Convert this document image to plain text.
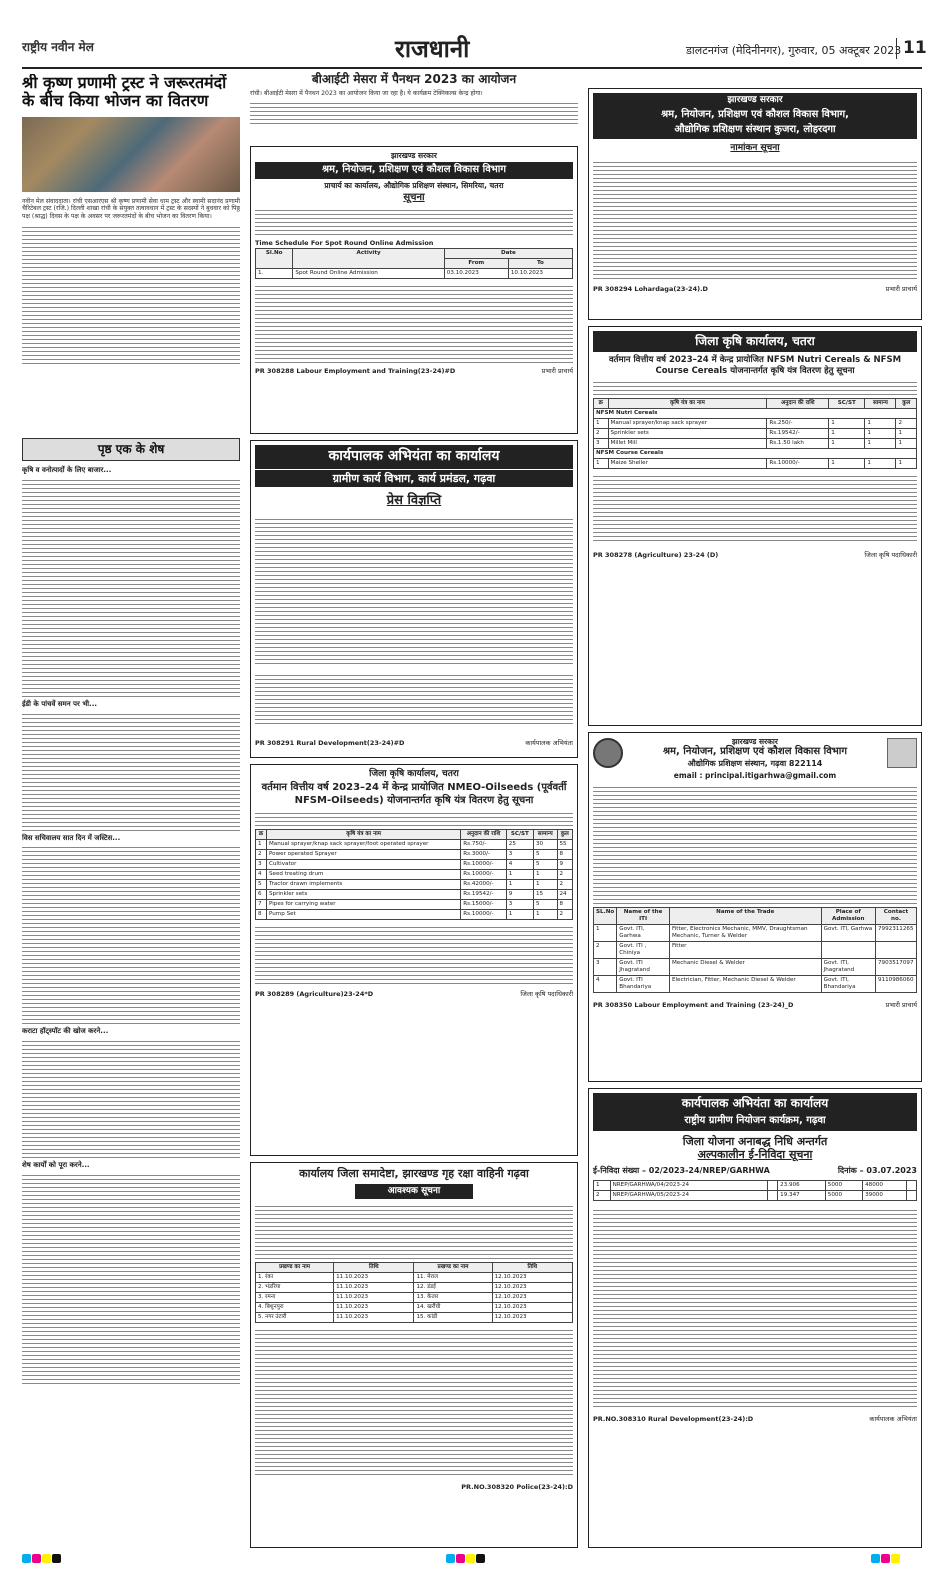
राष्ट्रीय नवीन मेल	राजधानी	डालटनगंज (मेदिनीनगर), गुरुवार, 05 अक्टूबर 2023 11
श्री कृष्ण प्रणामी ट्रस्ट ने जरूरतमंदों के बीच किया भोजन का वितरण
नवीन मेल संवाददाता। रांची एसआरएस श्री कृष्ण प्रणामी सेवा धाम ट्रस्ट और स्वामी सदानंद प्रणामी चैरिटेबल ट्रस्ट (रजि.) दिल्ली शाखा रांची के संयुक्त तत्वावधान में ट्रस्ट के सदस्यों ने बुधवार को पिठ्ठ पक्ष (श्राद्ध) दिवस के पक्ष के अवसर पर जरूरतमंदों के बीच भोजन का वितरण किया।
पृष्ठ एक के शेष
कृषि व वनोत्पादों के लिए बाजार...
ईडी के पांचवें समन पर भी...
विस सचिवालय सात दिन में जस्टिस...
कराटा हॉट्स्पॉट की खोज करने...
शेष कार्यों को पूरा करने...
बीआईटी मेसरा में पैनथन 2023 का आयोजन
रांची। बीआईटी मेसरा में पैनथन 2023 का आयोजन किया जा रहा है। ये कार्यक्रम टेक्निकल्स केन्द्र होगा।
झारखण्ड सरकार
श्रम, नियोजन, प्रशिक्षण एवं कौशल विकास विभाग
प्राचार्य का कार्यालय, औद्योगिक प्रशिक्षण संस्थान, सिमरिया, चतरा
सूचना
Time Schedule For Spot Round Online Admission
Sl.No	Activity	Date	
		From	To
1.	Spot Round Online Admission	03.10.2023	10.10.2023
PR 308288 Labour Employment and Training(23-24)#D	प्रभारी प्राचार्य
कार्यपालक अभियंता का कार्यालय
ग्रामीण कार्य विभाग, कार्य प्रमंडल, गढ़वा
प्रेस विज्ञप्ति
PR 308291 Rural Development(23-24)#D	कार्यपालक अभियंता
जिला कृषि कार्यालय, चतरा
वर्तमान वित्तीय वर्ष 2023–24 में केन्द्र प्रायोजित NMEO-Oilseeds (पूर्ववर्ती NFSM-Oilseeds) योजनान्तर्गत कृषि यंत्र वितरण हेतु सूचना
क्र	कृषि यंत्र का नाम	अनुदान की राशि	SC/ST	सामान्य	कुल
1	Manual sprayer/knap sack sprayer/foot operated sprayer	Rs.750/-	25	30	55
2	Power operated Sprayer	Rs.3000/-	3	5	8
3	Cultivator	Rs.10000/-	4	5	9
4	Seed treating drum	Rs.10000/-	1	1	2
5	Tractor drawn implements	Rs.42000/-	1	1	2
6	Sprinkler sets	Rs.19542/-	9	15	24
7	Pipes for carrying water	Rs.15000/-	3	5	8
8	Pump Set	Rs.10000/-	1	1	2
PR 308289 (Agriculture)23-24*D	जिला कृषि पदाधिकारी
कार्यालय जिला समादेष्टा, झारखण्ड गृह रक्षा वाहिनी गढ़वा
आवश्यक सूचना
प्रखण्ड का नाम	तिथि	प्रखण्ड का नाम	तिथि
1. रंका	11.10.2023	11. मेराल	12.10.2023
2. भंडरिया	11.10.2023	12. डंडई	12.10.2023
3. रमना	11.10.2023	13. केतार	12.10.2023
4. बिशुनपुरा	11.10.2023	14. खरौंधी	12.10.2023
5. नगर उंटारी	11.10.2023	15. कांडी	12.10.2023
PR.NO.308320 Police(23-24):D
झारखण्ड सरकार
श्रम, नियोजन, प्रशिक्षण एवं कौशल विकास विभाग,
औद्योगिक प्रशिक्षण संस्थान कुजरा, लोहरदगा
नामांकन सूचना
PR 308294 Lohardaga(23-24).D	प्रभारी प्राचार्य
जिला कृषि कार्यालय, चतरा
वर्तमान वित्तीय वर्ष 2023–24 में केन्द्र प्रायोजित NFSM Nutri Cereals & NFSM Course Cereals योजनान्तर्गत कृषि यंत्र वितरण हेतु सूचना
क्र	कृषि यंत्र का नाम	अनुदान की राशि	SC/ST	सामान्य	कुल
NFSM Nutri Cereals					
1	Manual sprayer/knap sack sprayer	Rs.250/-	1	1	2
2	Sprinkler sets	Rs.19542/-	1	1	1
3	Millet Mill	Rs.1.50 lakh	1	1	1
NFSM Course Cereals					
1	Maize Sheller	Rs.10000/-	1	1	1
PR 308278 (Agriculture) 23-24 (D)	जिला कृषि पदाधिकारी
झारखण्ड सरकार
श्रम, नियोजन, प्रशिक्षण एवं कौशल विकास विभाग
औद्योगिक प्रशिक्षण संस्थान, गढ़वा 822114
email : principal.itigarhwa@gmail.com
SL.No	Name of the ITI	Name of the Trade	Place of Admission	Contact no.
1	Govt. ITI, Garhwa	Fitter, Electronics Mechanic, MMV, Draughtsman Mechanic, Turner & Welder	Govt. ITI, Garhwa	7992311265
2	Govt. ITI , Chiniya	Fitter		
3	Govt. ITI Jhagratand	Mechanic Diesel & Welder	Govt. ITI, Jhagratand	7903517097
4	Govt. ITI Bhandariya	Electrician, Fitter, Mechanic Diesel & Welder	Govt. ITI, Bhandariya	9110986060
PR 308350 Labour Employment and Training (23-24)_D	प्रभारी प्राचार्य
कार्यपालक अभियंता का कार्यालय
राष्ट्रीय ग्रामीण नियोजन कार्यक्रम, गढ़वा
जिला योजना अनाबद्ध निधि अन्तर्गत
अल्पकालीन ई-निविदा सूचना
ई-निविदा संख्या – 02/2023-24/NREP/GARHWA	दिनांक – 03.07.2023
1	NREP/GARHWA/04/2023-24		23.906	5000	48000	
2	NREP/GARHWA/05/2023-24		19.347	5000	39000	
PR.NO.308310 Rural Development(23-24):D	कार्यपालक अभियंता
